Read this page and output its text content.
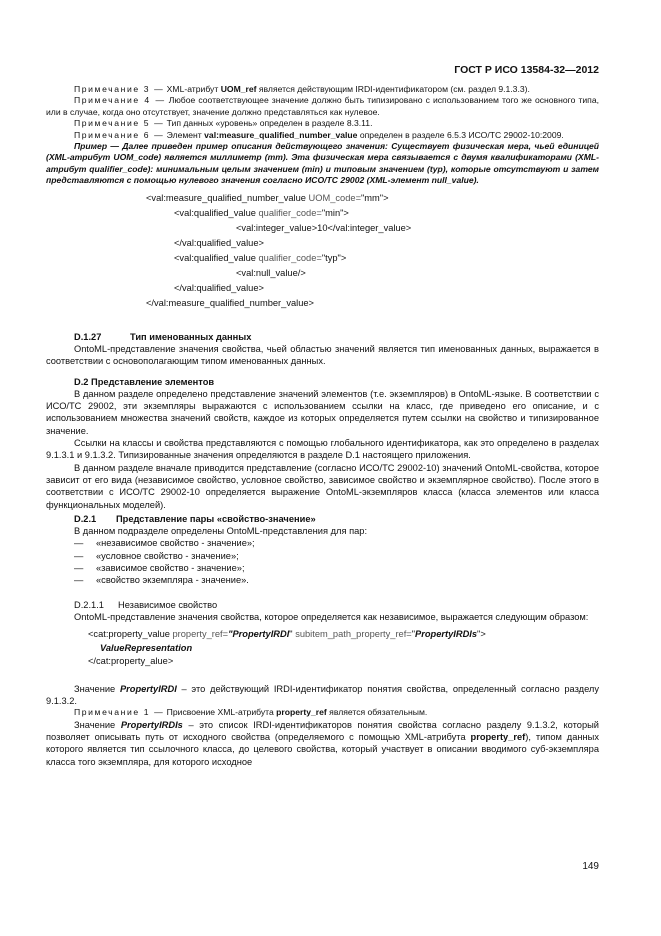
ГОСТ Р ИСО 13584-32—2012

Примечание 3 — XML-атрибут UOM_ref является действующим IRDI-идентификатором (см. раздел 9.1.3.3).

Примечание 4 — Любое соответствующее значение должно быть типизировано с использованием того же основного типа, или в случае, когда оно отсутствует, значение должно представляться как нулевое.

Примечание 5 — Тип данных «уровень» определен в разделе 8.3.11.

Примечание 6 — Элемент val:measure_qualified_number_value определен в разделе 6.5.3 ИСО/ТС 29002-10:2009.

Пример — Далее приведен пример описания действующего значения: Существует физическая мера, чьей единицей (XML-атрибут UOM_code) является миллиметр (mm). Эта физическая мера связывается с двумя квалификаторами (XML-атрибут qualifier_code): минимальным целым значением (min) и типовым значением (typ), которые отсутствуют и затем представляются с помощью нулевого значения согласно ИСО/ТС 29002 (XML-элемент null_value).

<val:measure_qualified_number_value UOM_code="mm">
<val:qualified_value qualifier_code="min">
<val:integer_value>10</val:integer_value>
</val:qualified_value>
<val:qualified_value qualifier_code="typ">
<val:null_value/>
</val:qualified_value>
</val:measure_qualified_number_value>
D.1.27	Тип именованных данных

OntoML-представление значения свойства, чьей областью значений является тип именованных данных, выражается в соответствии с основополагающим типом именованных данных.

D.2 Представление элементов

В данном разделе определено представление значений элементов (т.е. экземпляров) в OntoML-языке. В соответствии с ИСО/ТС 29002, эти экземпляры выражаются с использованием ссылки на класс, где приведено его описание, и с использованием множества значений свойств, каждое из которых определяется путем ссылки на свойство и типизированное значение.

Ссылки на классы и свойства представляются с помощью глобального идентификатора, как это определено в разделах 9.1.3.1 и 9.1.3.2. Типизированные значения определяются в разделе D.1 настоящего приложения.

В данном разделе вначале приводится представление (согласно ИСО/ТС 29002-10) значений OntoML-свойства, которое зависит от его вида (независимое свойство, условное свойство, зависимое свойство и экземплярное свойство). После этого в соответствии с ИСО/ТС 29002-10 определяется выражение OntoML-экземпляров класса (класса элементов или класса функциональных моделей).

D.2.1 Представление пары «свойство-значение»

В данном подразделе определены OntoML-представления для пар:

— «независимое свойство - значение»;
— «условное свойство - значение»;
— «зависимое свойство - значение»;
— «свойство экземпляра - значение».
D.2.1.1 Независимое свойство

OntoML-представление значения свойства, которое определяется как независимое, выражается следующим образом:

<cat:property_value property_ref="PropertyIRDI" subitem_path_property_ref="PropertyIRDIs">
ValueRepresentation
</cat:property_alue>

Значение PropertyIRDI – это действующий IRDI-идентификатор понятия свойства, определенный согласно разделу 9.1.3.2.

Примечание 1 — Присвоение XML-атрибута property_ref является обязательным.

Значение PropertyIRDIs – это список IRDI-идентификаторов понятия свойства согласно разделу 9.1.3.2, который позволяет описывать путь от исходного свойства (определяемого с помощью XML-атрибута property_ref), типом данных которого является тип ссылочного класса, до целевого свойства, который участвует в описании вводимого суб-экземпляра класса того экземпляра, для которого исходное

149
